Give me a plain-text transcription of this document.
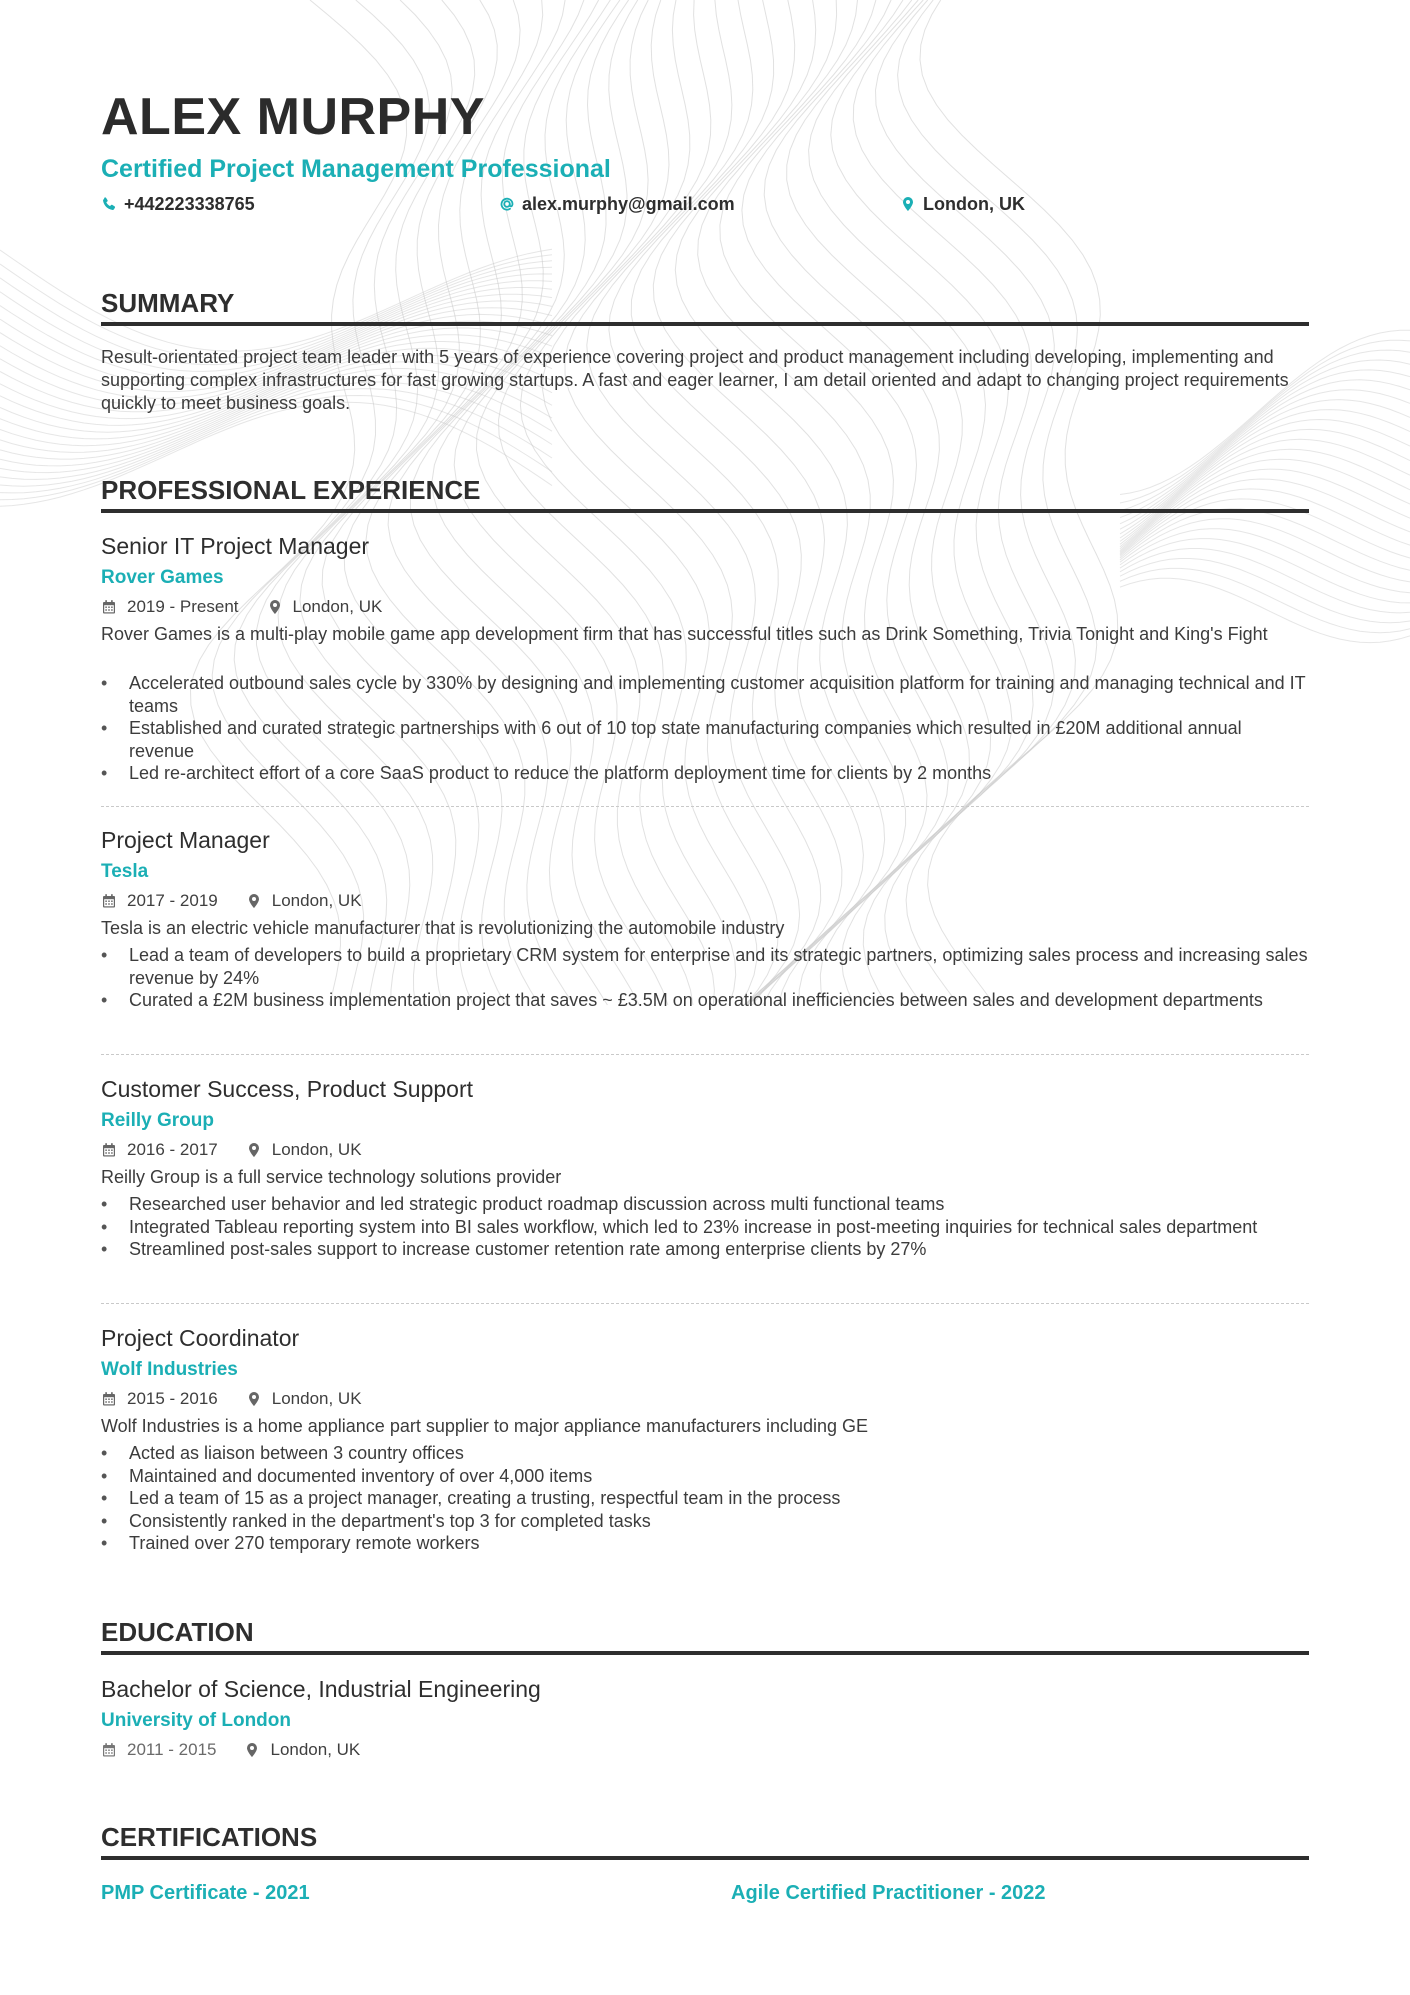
ALEX MURPHY
Certified Project Management Professional
+442223338765	alex.murphy@gmail.com	London, UK
SUMMARY
Result-orientated project team leader with 5 years of experience covering project and product management including developing, implementing and supporting complex infrastructures for fast growing startups. A fast and eager learner, I am detail oriented and adapt to changing project requirements quickly to meet business goals.
PROFESSIONAL EXPERIENCE
Senior IT Project Manager
Rover Games
2019 - Present	London, UK
Rover Games is a multi-play mobile game app development firm that has successful titles such as Drink Something, Trivia Tonight and King's Fight
• Accelerated outbound sales cycle by 330% by designing and implementing customer acquisition platform for training and managing technical and IT teams
• Established and curated strategic partnerships with 6 out of 10 top state manufacturing companies which resulted in £20M additional annual revenue
• Led re-architect effort of a core SaaS product to reduce the platform deployment time for clients by 2 months
Project Manager
Tesla
2017 - 2019	London, UK
Tesla is an electric vehicle manufacturer that is revolutionizing the automobile industry
• Lead a team of developers to build a proprietary CRM system for enterprise and its strategic partners, optimizing sales process and increasing sales revenue by 24%
• Curated a £2M business implementation project that saves ~ £3.5M on operational inefficiencies between sales and development departments
Customer Success, Product Support
Reilly Group
2016 - 2017	London, UK
Reilly Group is a full service technology solutions provider
• Researched user behavior and led strategic product roadmap discussion across multi functional teams
• Integrated Tableau reporting system into BI sales workflow, which led to 23% increase in post-meeting inquiries for technical sales department
• Streamlined post-sales support to increase customer retention rate among enterprise clients by 27%
Project Coordinator
Wolf Industries
2015 - 2016	London, UK
Wolf Industries is a home appliance part supplier to major appliance manufacturers including GE
• Acted as liaison between 3 country offices
• Maintained and documented inventory of over 4,000 items
• Led a team of 15 as a project manager, creating a trusting, respectful team in the process
• Consistently ranked in the department's top 3 for completed tasks
• Trained over 270 temporary remote workers
EDUCATION
Bachelor of Science, Industrial Engineering
University of London
2011 - 2015	London, UK
CERTIFICATIONS
PMP Certificate - 2021	Agile Certified Practitioner - 2022
